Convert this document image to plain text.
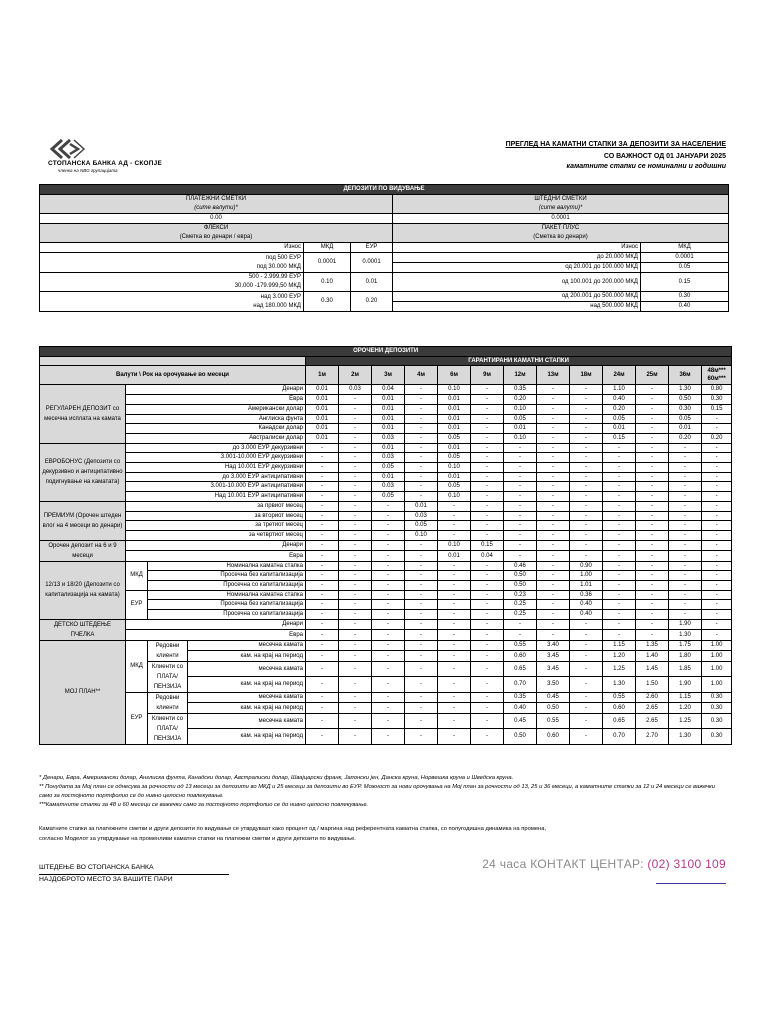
СТОПАНСКА БАНКА АД - СКОПЈЕ
членка на NBG групацијата
ПРЕГЛЕД НА КАМАТНИ СТАПКИ ЗА ДЕПОЗИТИ ЗА НАСЕЛЕНИЕ
СО ВАЖНОСТ ОД 01 ЈАНУАРИ 2025
каматните стапки се номинални и годишни
ДЕПОЗИТИ ПО ВИДУВАЊЕ				
ПЛАТЕЖНИ СМЕТКИ
(сите валути)*			ШТЕДНИ СМЕТКИ
(сите валути)*	
0.00			0.0001	
ФЛЕКСИ
(Сметка во денари / евра)			ПАКЕТ ПЛУС
(Сметка во денари)	
Износ	МКД	ЕУР	Износ	МКД
под 500 ЕУР
под 30.000 МКД	0.0001	0.0001	до 20.000 МКД	0.0001
			од 20.001 до 100.000 МКД	0.05
500 - 2.999,99 ЕУР
30.000 -179.999,50 МКД	0.10	0.01	од 100.001 до 200.000 МКД	0.15

над 3.000 ЕУР
над 180.000 МКД	0.30	0.20	од 200.001 до 500.000 МКД	0.30
			над 500.000 МКД	0.40
ОРОЧЕНИ ДЕПОЗИТИ																
				ГАРАНТИРАНИ КАМАТНИ СТАПКИ												
Валути \ Рок на орочување во месеци				1м	2м	3м	4м	6м	9м	12м	13м	18м	24м	25м	36м	48м*** 60м***
РЕГУЛАРЕН ДЕПОЗИТ со месечна исплата на камата	Денари			0.01	0.03	0.04	-	0.10	-	0.35	-	-	1.10	-	1.30	0.80
	Евра			0.01	-	0.01	-	0.01	-	0.20	-	-	0.40	-	0.50	0.30
	Американски долар			0.01	-	0.01	-	0.01	-	0.10	-	-	0.20	-	0.30	0.15
	Англиска фунта			0.01	-	0.01	-	0.01	-	0.05	-	-	0.05	-	0.05	-
	Канадски долар			0.01	-	0.01	-	0.01	-	0.01	-	-	0.01	-	0.01	-
	Австралиски долар			0.01	-	0.03	-	0.05	-	0.10	-	-	0.15	-	0.20	0.20
ЕВРОБОНУС (Депозити со декурзивно и антиципативно подигнување на каматата)	до 3.000 ЕУР декурзивни			-	-	0.01	-	0.01	-	-	-	-	-	-	-	-
	3.001-10.000 ЕУР декурзивни			-	-	0.03	-	0.05	-	-	-	-	-	-	-	-
	Над 10.001 ЕУР декурзивни			-	-	0.05	-	0.10	-	-	-	-	-	-	-	-
	до 3.000 ЕУР антиципативни			-	-	0.01	-	0.01	-	-	-	-	-	-	-	-
	3.001-10.000 ЕУР антиципативни			-	-	0.03	-	0.05	-	-	-	-	-	-	-	-
	Над 10.001 ЕУР антиципативни			-	-	0.05	-	0.10	-	-	-	-	-	-	-	-
ПРЕМИУМ (Орочен штеден влог на 4 месеци во денари)	за првиот месец			-	-	-	0.01	-	-	-	-	-	-	-	-	-
	за вториот месец			-	-	-	0.03	-	-	-	-	-	-	-	-	-
	за третиот месец			-	-	-	0.05	-	-	-	-	-	-	-	-	-
	за четвртиот месец			-	-	-	0.10	-	-	-	-	-	-	-	-	-
Орочен депозит на 6 и 9 месеци	Денари			-	-	-	-	0.10	0.15	-	-	-	-	-	-	-
	Евра			-	-	-	-	0.01	0.04	-	-	-	-	-	-	-
12/13 и 18/20 (Депозити со капитализација на камата)	МКД	Номинална каматна стапка		-	-	-	-	-	-	0.46	-	0.90	-	-	-	-
		Просечна без капитализација		-	-	-	-	-	-	0.50	-	1.00	-	-	-	-
		Просечна со капитализација		-	-	-	-	-	-	0.50	-	1.01	-	-	-	-
	ЕУР	Номинална каматна стапка		-	-	-	-	-	-	0.23	-	0.36	-	-	-	-
		Просечна без капитализација		-	-	-	-	-	-	0.25	-	0.40	-	-	-	-
		Просечна со капитализација		-	-	-	-	-	-	0.25	-	0.40	-	-	-	-
ДЕТСКО ШТЕДЕЊЕ ПЧЕЛКА	Денари			-	-	-	-	-	-	-	-	-	-	-	1.90	-
	Евра			-	-	-	-	-	-	-	-	-	-	-	1.30	-
МОЈ ПЛАН**	МКД	Редовни клиенти	месечна камата	-	-	-	-	-	-	0.55	3.40	-	1.15	1.35	1.75	1.00
			кам. на крај на период	-	-	-	-	-	-	0.60	3.45	-	1.20	1.40	1.80	1.00
		Клиенти со ПЛАТА/ПЕНЗИЈА	месечна камата	-	-	-	-	-	-	0.65	3.45	-	1.25	1.45	1.85	1.00
			кам. на крај на период	-	-	-	-	-	-	0.70	3.50	-	1.30	1.50	1.90	1.00
	ЕУР	Редовни клиенти	месечна камата	-	-	-	-	-	-	0.35	0.45	-	0.55	2.60	1.15	0.30
			кам. на крај на период	-	-	-	-	-	-	0.40	0.50	-	0.60	2.65	1.20	0.30
		Клиенти со ПЛАТА/ПЕНЗИЈА	месечна камата	-	-	-	-	-	-	0.45	0.55	-	0.65	2.65	1.25	0.30
			кам. на крај на период	-	-	-	-	-	-	0.50	0.60	-	0.70	2.70	1.30	0.30
* Денари, Евра, Американски долар, Англиска фунта, Канадски долар, Австралиски долар, Швајцарски франк, Јапонски јен, Данска круна, Норвешка круна и Шведска круна.
** Понудата за Мој план се однесува за рочности од 13 месеци за депозити во МКД и 25 месеци за депозити во ЕУР. Можност за нови орочувања на Мој план за рочности од 13, 25 и 36 месеци, а каматните стапки за 12 и 24 месеци се важечки само за постојното портфолио се до нивно целосно повлекување.
***Каматните стапки за 48 и 60 месеци се важечки само за постојното портфолио се до нивно целосно повлекување.
Каматните стапки за платежните сметки и други депозити по видување се утврдуваат како процент од / маргина над референтната каматна стапка, со полугодишна динамика на промена,
согласно Моделот за утврдување на променливи каматни стапки на платежни сметки и други депозити по видување.
ШТЕДЕЊЕ ВО СТОПАНСКА БАНКА
НАЈДОБРОТО МЕСТО ЗА ВАШИТЕ ПАРИ
24 часа КОНТАКТ ЦЕНТАР: (02) 3100 109
